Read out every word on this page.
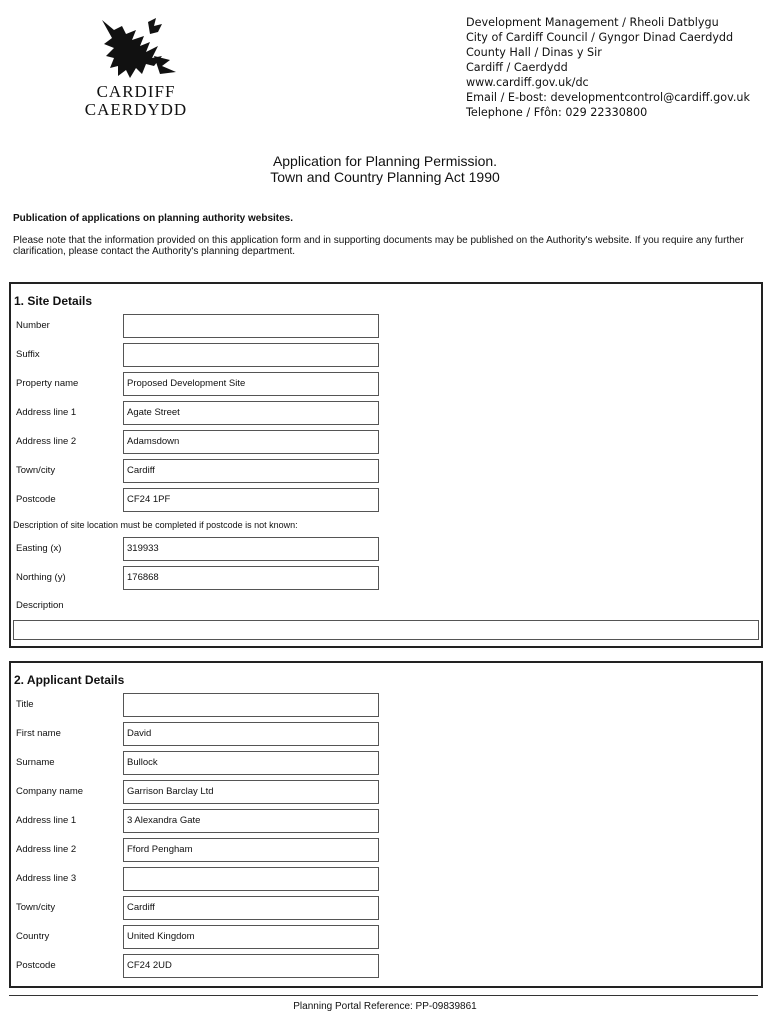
CARDIFF
CAERDYDD
Development Management / Rheoli Datblygu
City of Cardiff Council / Gyngor Dinad Caerdydd
County Hall / Dinas y Sir
Cardiff / Caerdydd
www.cardiff.gov.uk/dc
Email / E-bost: developmentcontrol@cardiff.gov.uk
Telephone / Ffôn: 029 22330800
Application for Planning Permission.
Town and Country Planning Act 1990
Publication of applications on planning authority websites.
Please note that the information provided on this application form and in supporting documents may be published on the Authority's website. If you require any further clarification, please contact the Authority's planning department.
1. Site Details
Number
Suffix
Property name	Proposed Development Site
Address line 1	Agate Street
Address line 2	Adamsdown
Town/city	Cardiff
Postcode	CF24 1PF
Description of site location must be completed if postcode is not known:
Easting (x)	319933
Northing (y)	176868
Description
2. Applicant Details
Title
First name	David
Surname	Bullock
Company name	Garrison Barclay Ltd
Address line 1	3 Alexandra Gate
Address line 2	Fford Pengham
Address line 3
Town/city	Cardiff
Country	United Kingdom
Postcode	CF24 2UD
Planning Portal Reference: PP-09839861
